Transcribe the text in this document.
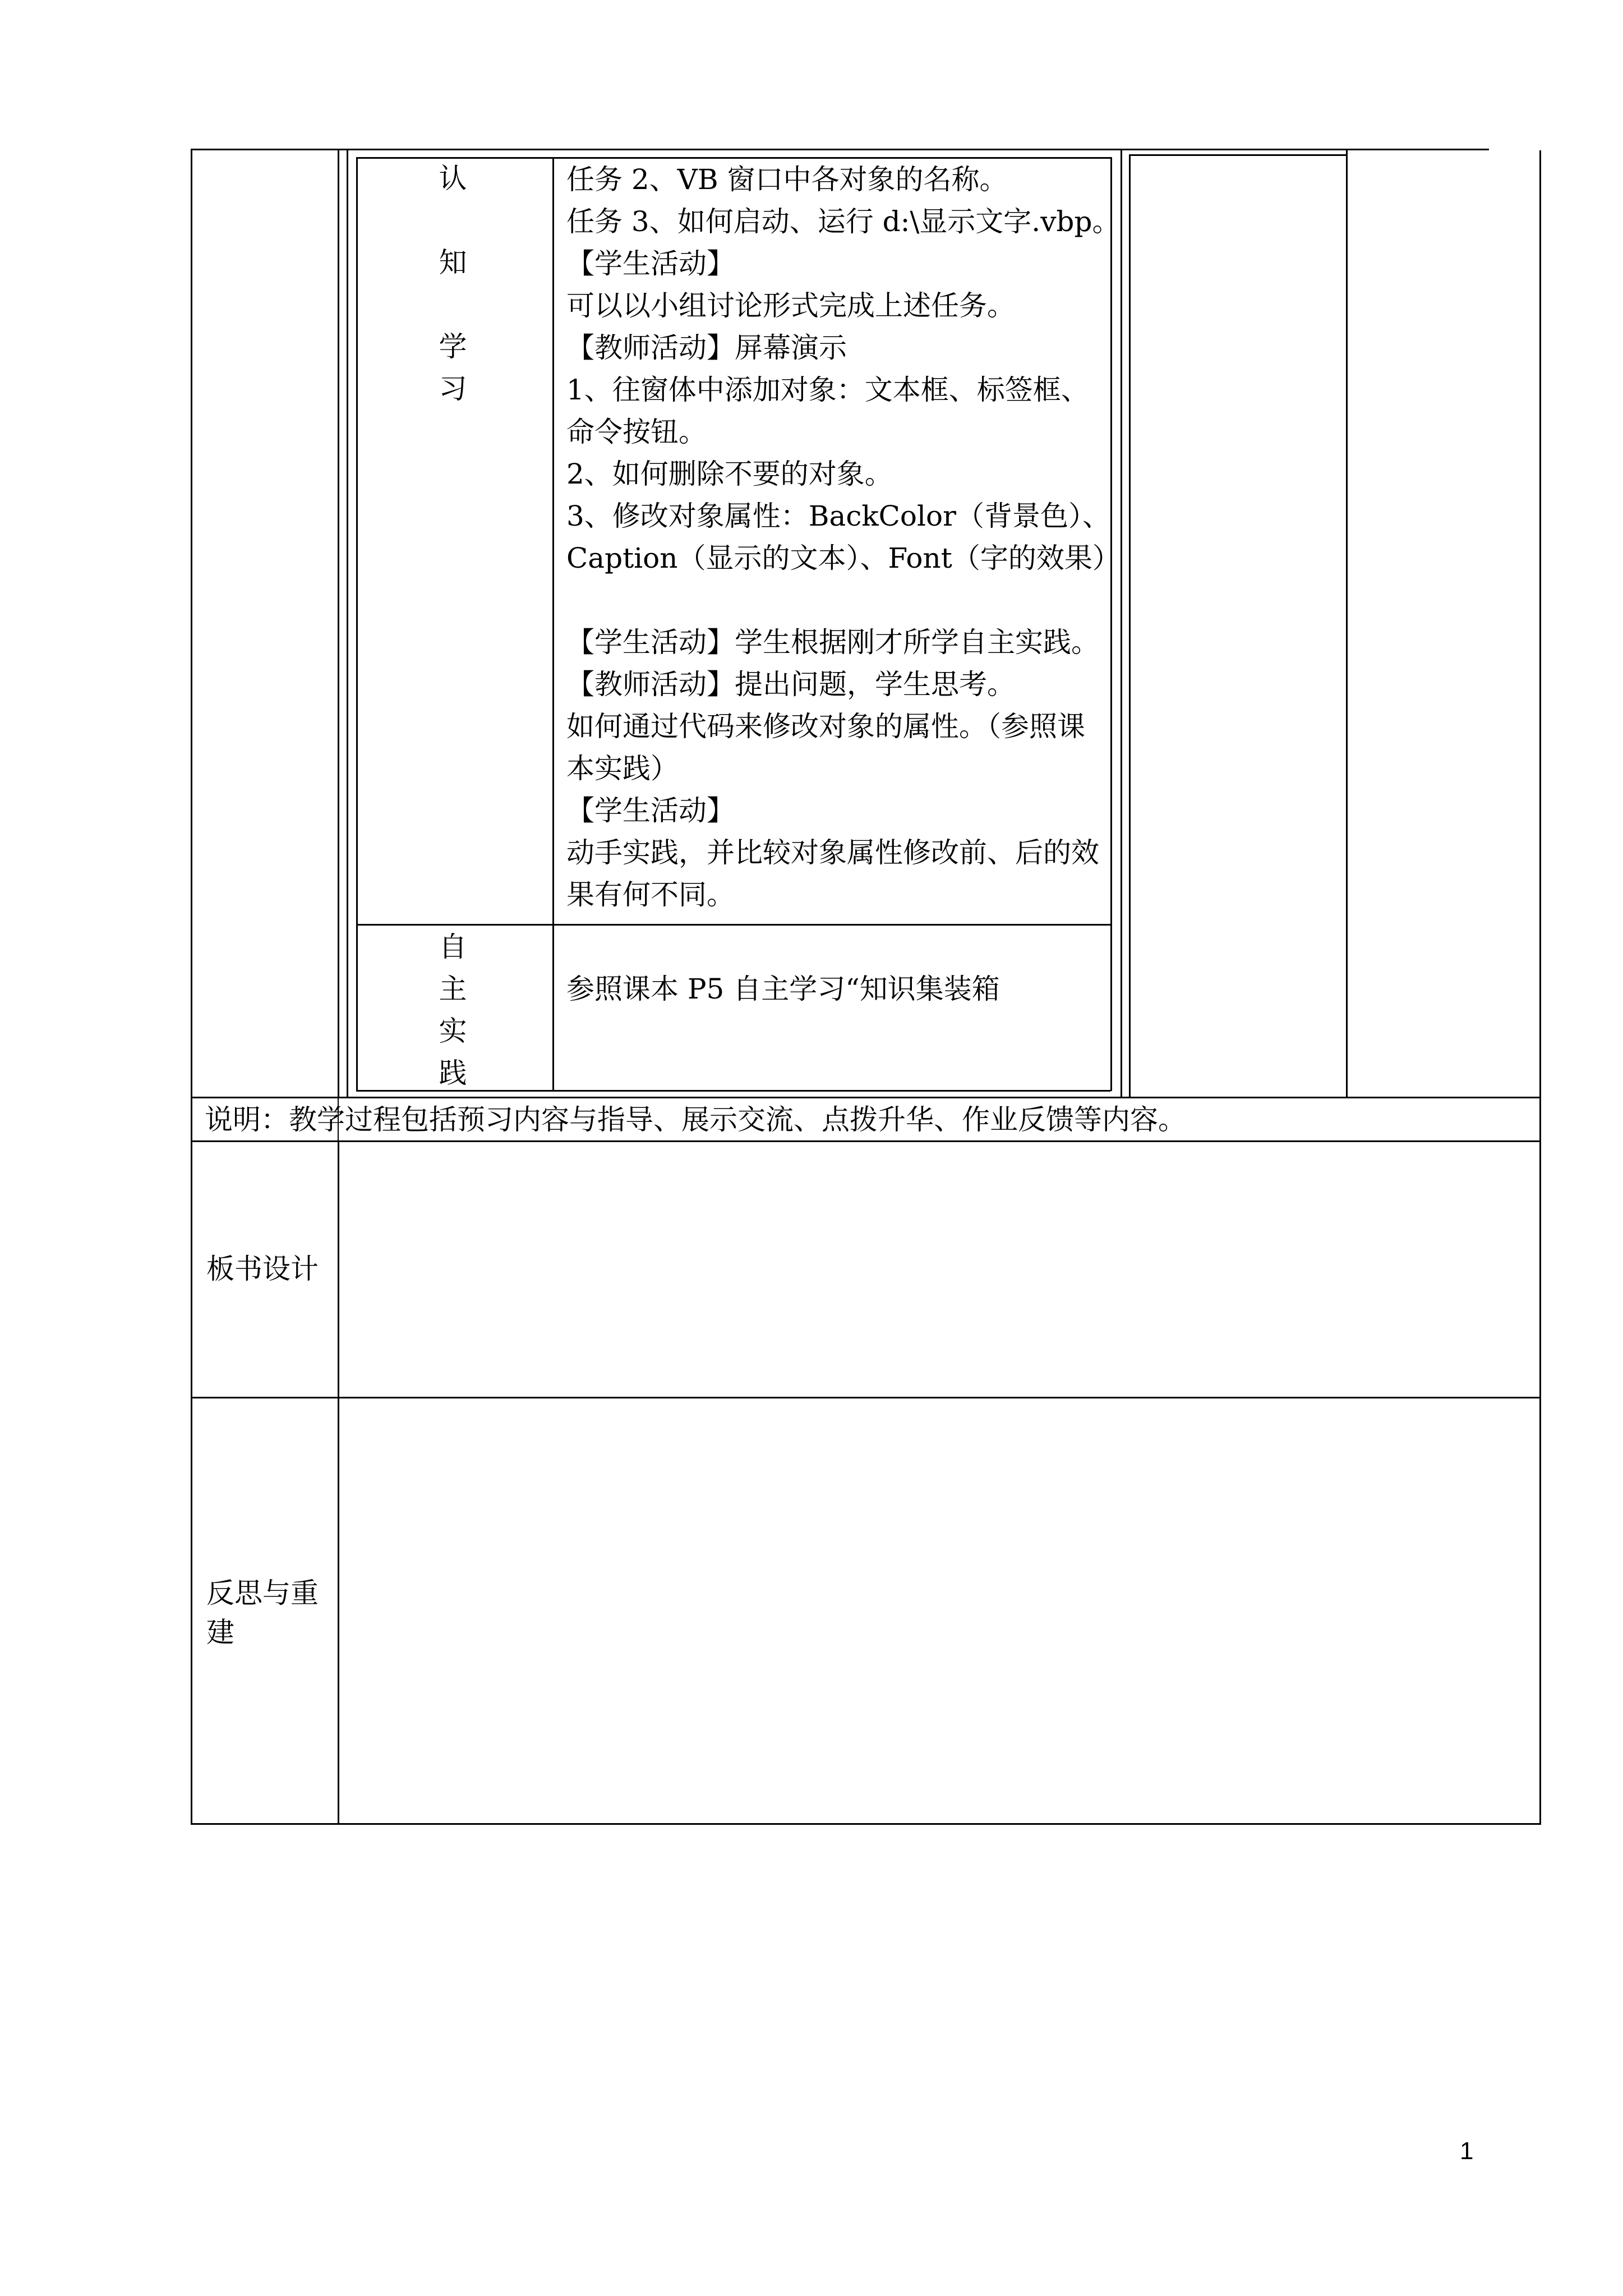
认
知
学
习
任务 2、VB 窗口中各对象的名称。
任务 3、如何启动、运行 d:\显示文字.vbp。
【学生活动】
可以以小组讨论形式完成上述任务。
【教师活动】屏幕演示
1、往窗体中添加对象：文本框、标签框、
命令按钮。
2、如何删除不要的对象。
3、修改对象属性：BackColor（背景色）、
Caption（显示的文本）、Font（字的效果）
【学生活动】学生根据刚才所学自主实践。
【教师活动】提出问题，学生思考。
如何通过代码来修改对象的属性。（参照课
本实践）
【学生活动】
动手实践，并比较对象属性修改前、后的效
果有何不同。
自
主
实
践
参照课本 P5 自主学习“知识集装箱
说明：教学过程包括预习内容与指导、展示交流、点拨升华、作业反馈等内容。
板书设计
反思与重
建
1
